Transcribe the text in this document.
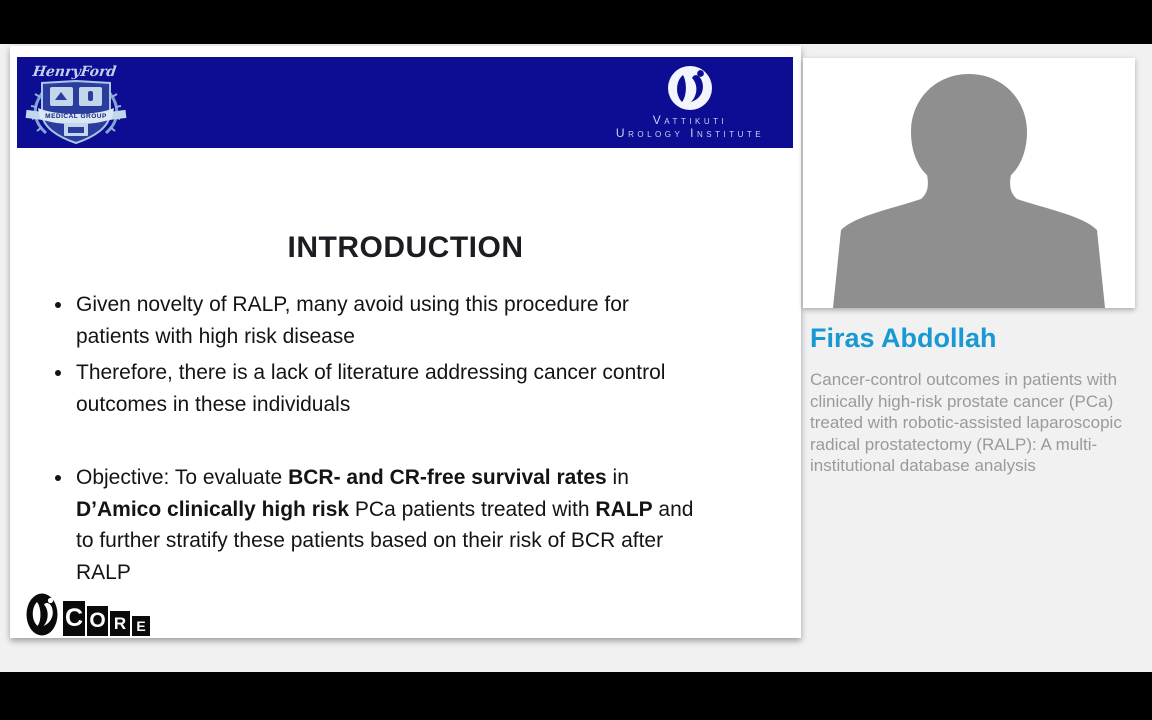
HenryFord
MEDICAL GROUP	Vattikuti
Urology Institute
INTRODUCTION
Given novelty of RALP, many avoid using this procedure for
patients with high risk disease
Therefore, there is a lack of literature addressing cancer control
outcomes in these individuals
Objective: To evaluate BCR- and CR-free survival rates in
D’Amico clinically high risk PCa patients treated with RALP and
to further stratify these patients based on their risk of BCR after
RALP
C O R E
Firas Abdollah
Cancer-control outcomes in patients with clinically high-risk prostate cancer (PCa) treated with robotic-assisted laparoscopic radical prostatectomy (RALP): A multi-institutional database analysis
